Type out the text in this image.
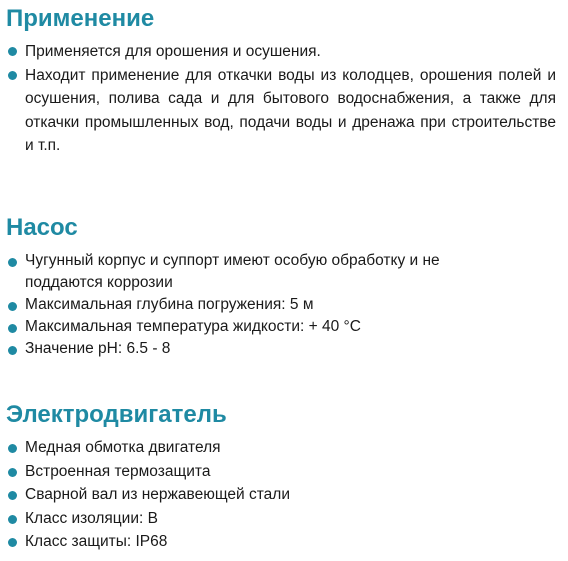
Применение
Применяется для орошения и осушения.
Находит применение для откачки воды из колодцев, орошения полей и осушения, полива сада и для бытового водоснабжения, а также для откачки промышленных вод, подачи воды и дренажа при строительстве и т.п.
Насос
Чугунный корпус и суппорт имеют особую обработку и не поддаются коррозии
Максимальная глубина погружения: 5 м
Максимальная температура жидкости: + 40 °C
Значение pH: 6.5 - 8
Электродвигатель
Медная обмотка двигателя
Встроенная термозащита
Сварной вал из нержавеющей стали
Класс изоляции: B
Класс защиты: IP68
